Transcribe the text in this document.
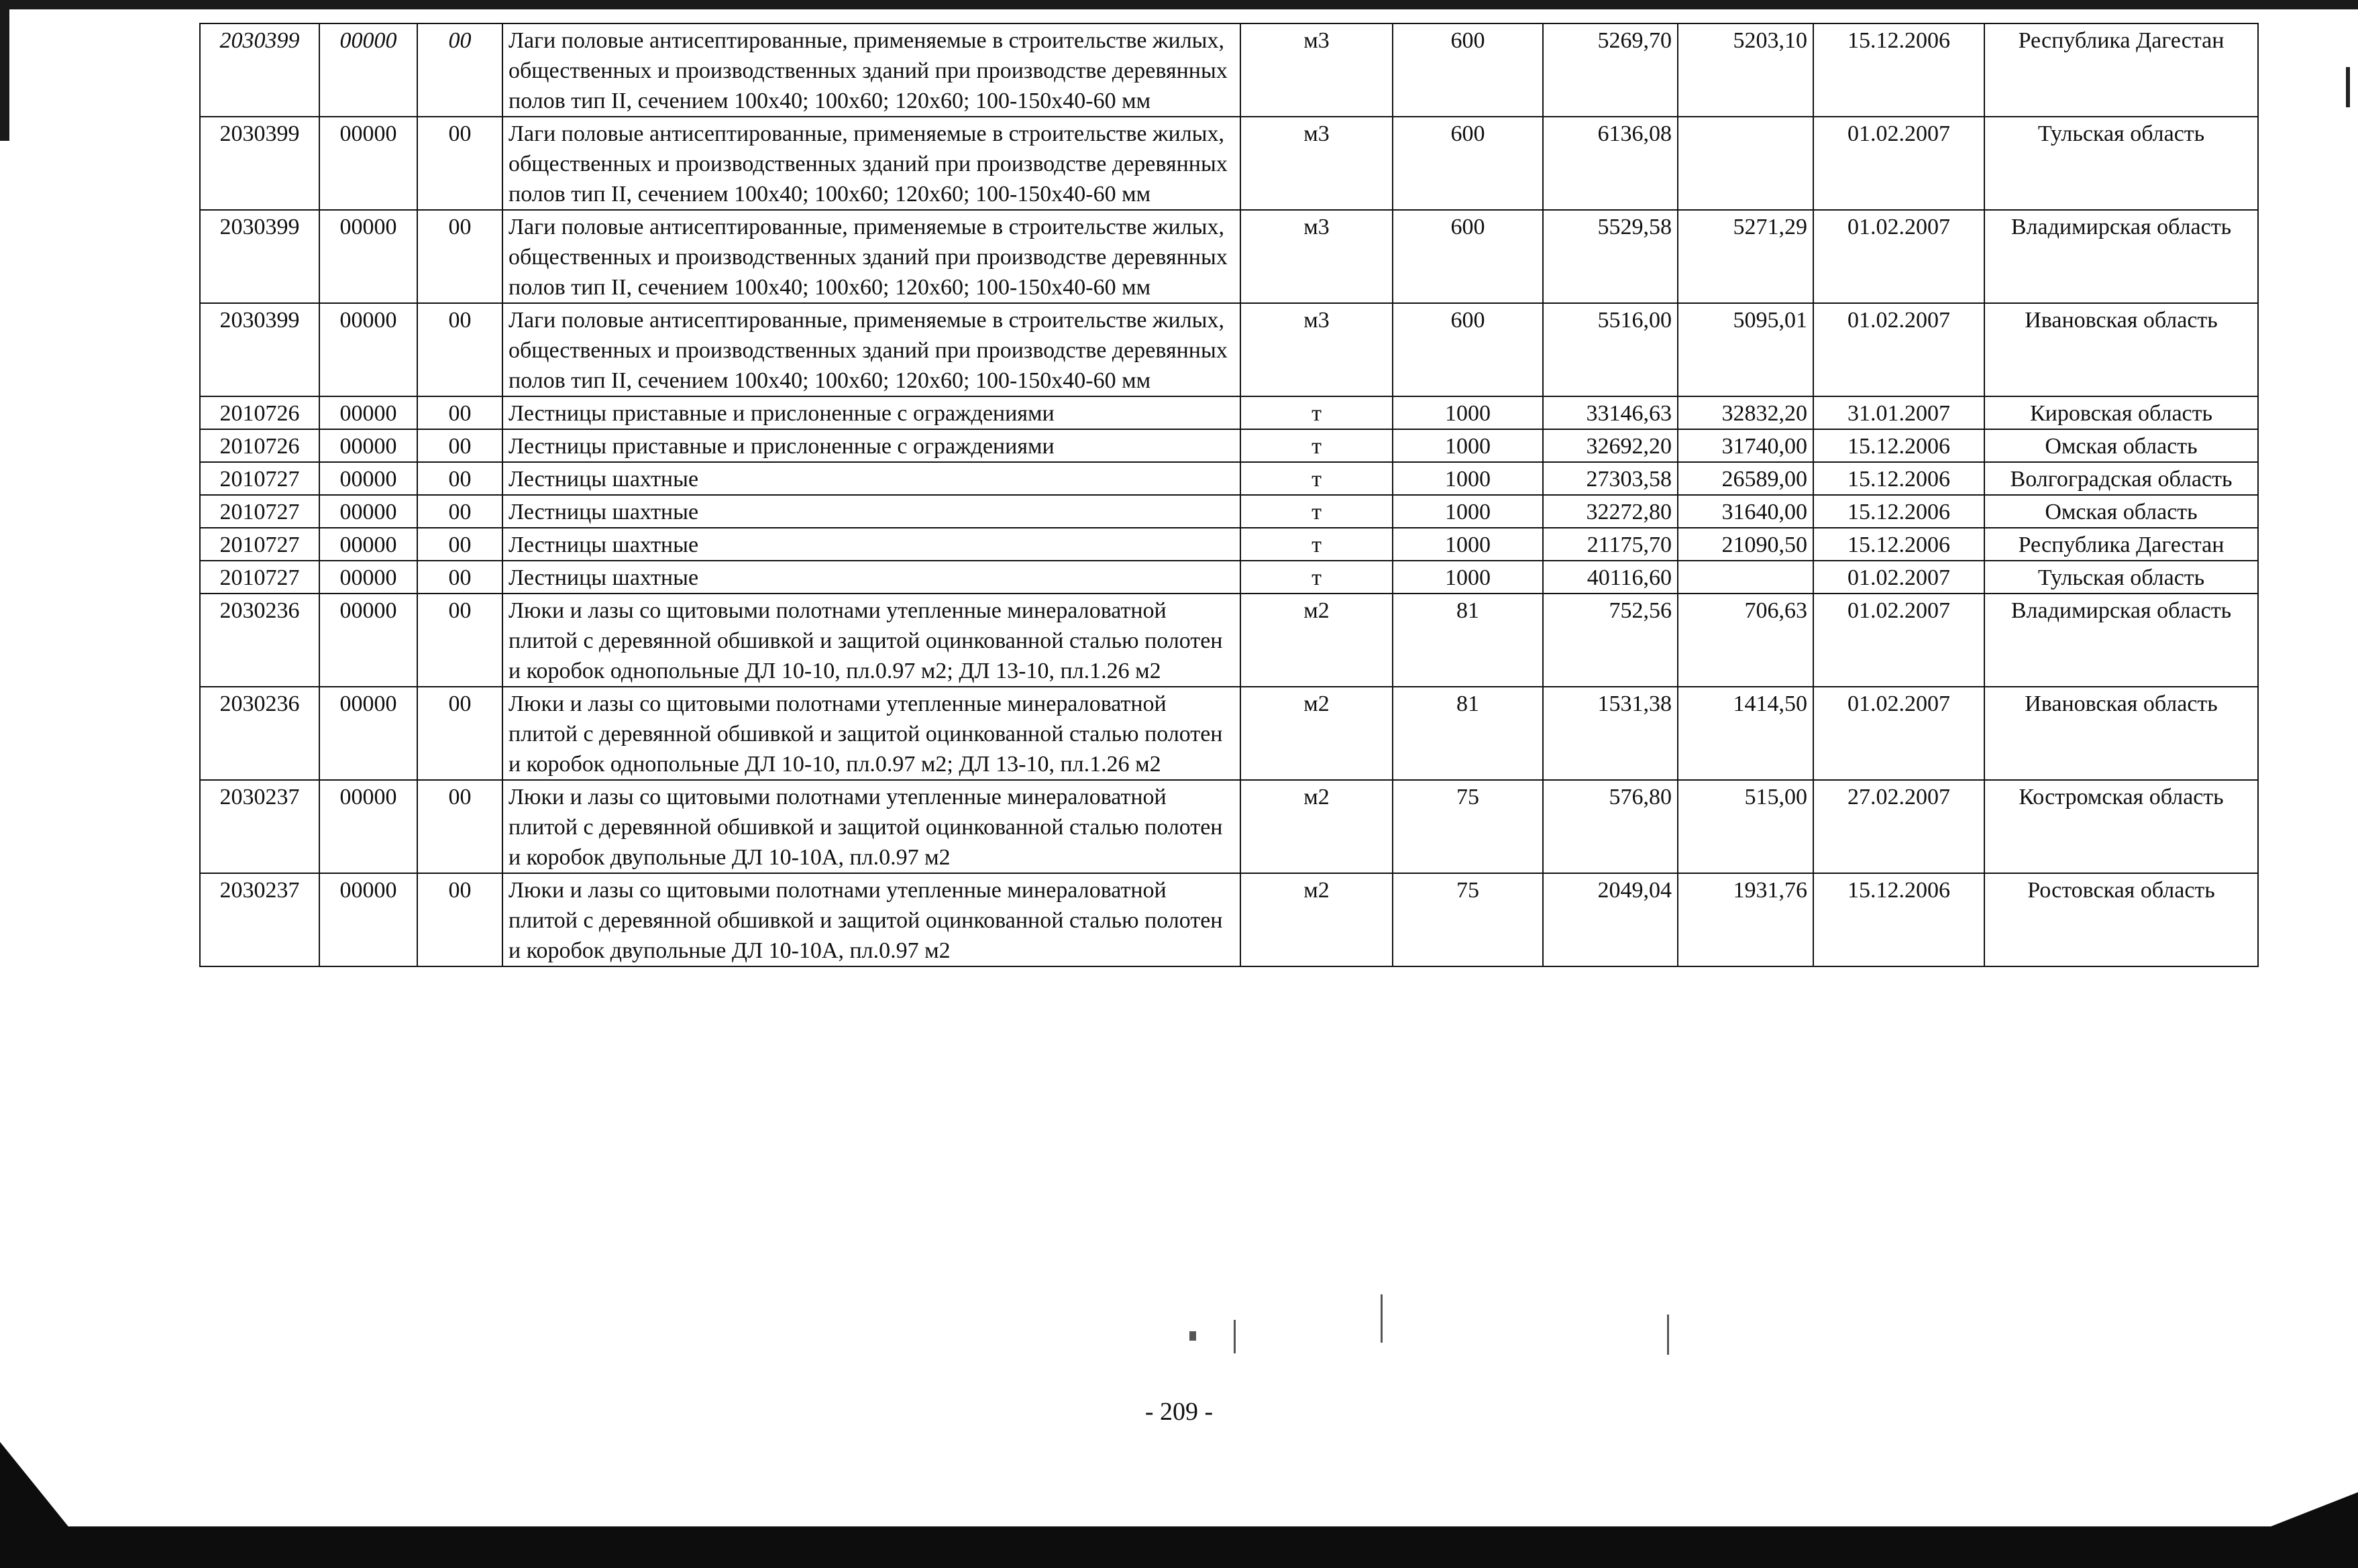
2030399	00000	00	Лаги половые антисептированные, применяемые в строительстве жилых, общественных и производственных зданий при производстве деревянных полов тип II, сечением 100x40; 100x60; 120x60; 100-150x40-60 мм	м3	600	5269,70	5203,10	15.12.2006	Республика Дагестан
2030399	00000	00	Лаги половые антисептированные, применяемые в строительстве жилых, общественных и производственных зданий при производстве деревянных полов тип II, сечением 100x40; 100x60; 120x60; 100-150x40-60 мм	м3	600	6136,08		01.02.2007	Тульская область
2030399	00000	00	Лаги половые антисептированные, применяемые в строительстве жилых, общественных и производственных зданий при производстве деревянных полов тип II, сечением 100x40; 100x60; 120x60; 100-150x40-60 мм	м3	600	5529,58	5271,29	01.02.2007	Владимирская область
2030399	00000	00	Лаги половые антисептированные, применяемые в строительстве жилых, общественных и производственных зданий при производстве деревянных полов тип II, сечением 100x40; 100x60; 120x60; 100-150x40-60 мм	м3	600	5516,00	5095,01	01.02.2007	Ивановская область
2010726	00000	00	Лестницы приставные и прислоненные с ограждениями	т	1000	33146,63	32832,20	31.01.2007	Кировская область
2010726	00000	00	Лестницы приставные и прислоненные с ограждениями	т	1000	32692,20	31740,00	15.12.2006	Омская область
2010727	00000	00	Лестницы шахтные	т	1000	27303,58	26589,00	15.12.2006	Волгоградская область
2010727	00000	00	Лестницы шахтные	т	1000	32272,80	31640,00	15.12.2006	Омская область
2010727	00000	00	Лестницы шахтные	т	1000	21175,70	21090,50	15.12.2006	Республика Дагестан
2010727	00000	00	Лестницы шахтные	т	1000	40116,60		01.02.2007	Тульская область
2030236	00000	00	Люки и лазы со щитовыми полотнами утепленные минераловатной плитой с деревянной обшивкой и защитой оцинкованной сталью полотен и коробок однопольные ДЛ 10-10, пл.0.97 м2; ДЛ 13-10, пл.1.26 м2	м2	81	752,56	706,63	01.02.2007	Владимирская область
2030236	00000	00	Люки и лазы со щитовыми полотнами утепленные минераловатной плитой с деревянной обшивкой и защитой оцинкованной сталью полотен и коробок однопольные ДЛ 10-10, пл.0.97 м2; ДЛ 13-10, пл.1.26 м2	м2	81	1531,38	1414,50	01.02.2007	Ивановская область
2030237	00000	00	Люки и лазы со щитовыми полотнами утепленные минераловатной плитой с деревянной обшивкой и защитой оцинкованной сталью полотен и коробок двупольные ДЛ 10-10А, пл.0.97 м2	м2	75	576,80	515,00	27.02.2007	Костромская область
2030237	00000	00	Люки и лазы со щитовыми полотнами утепленные минераловатной плитой с деревянной обшивкой и защитой оцинкованной сталью полотен и коробок двупольные ДЛ 10-10А, пл.0.97 м2	м2	75	2049,04	1931,76	15.12.2006	Ростовская область
- 209 -
